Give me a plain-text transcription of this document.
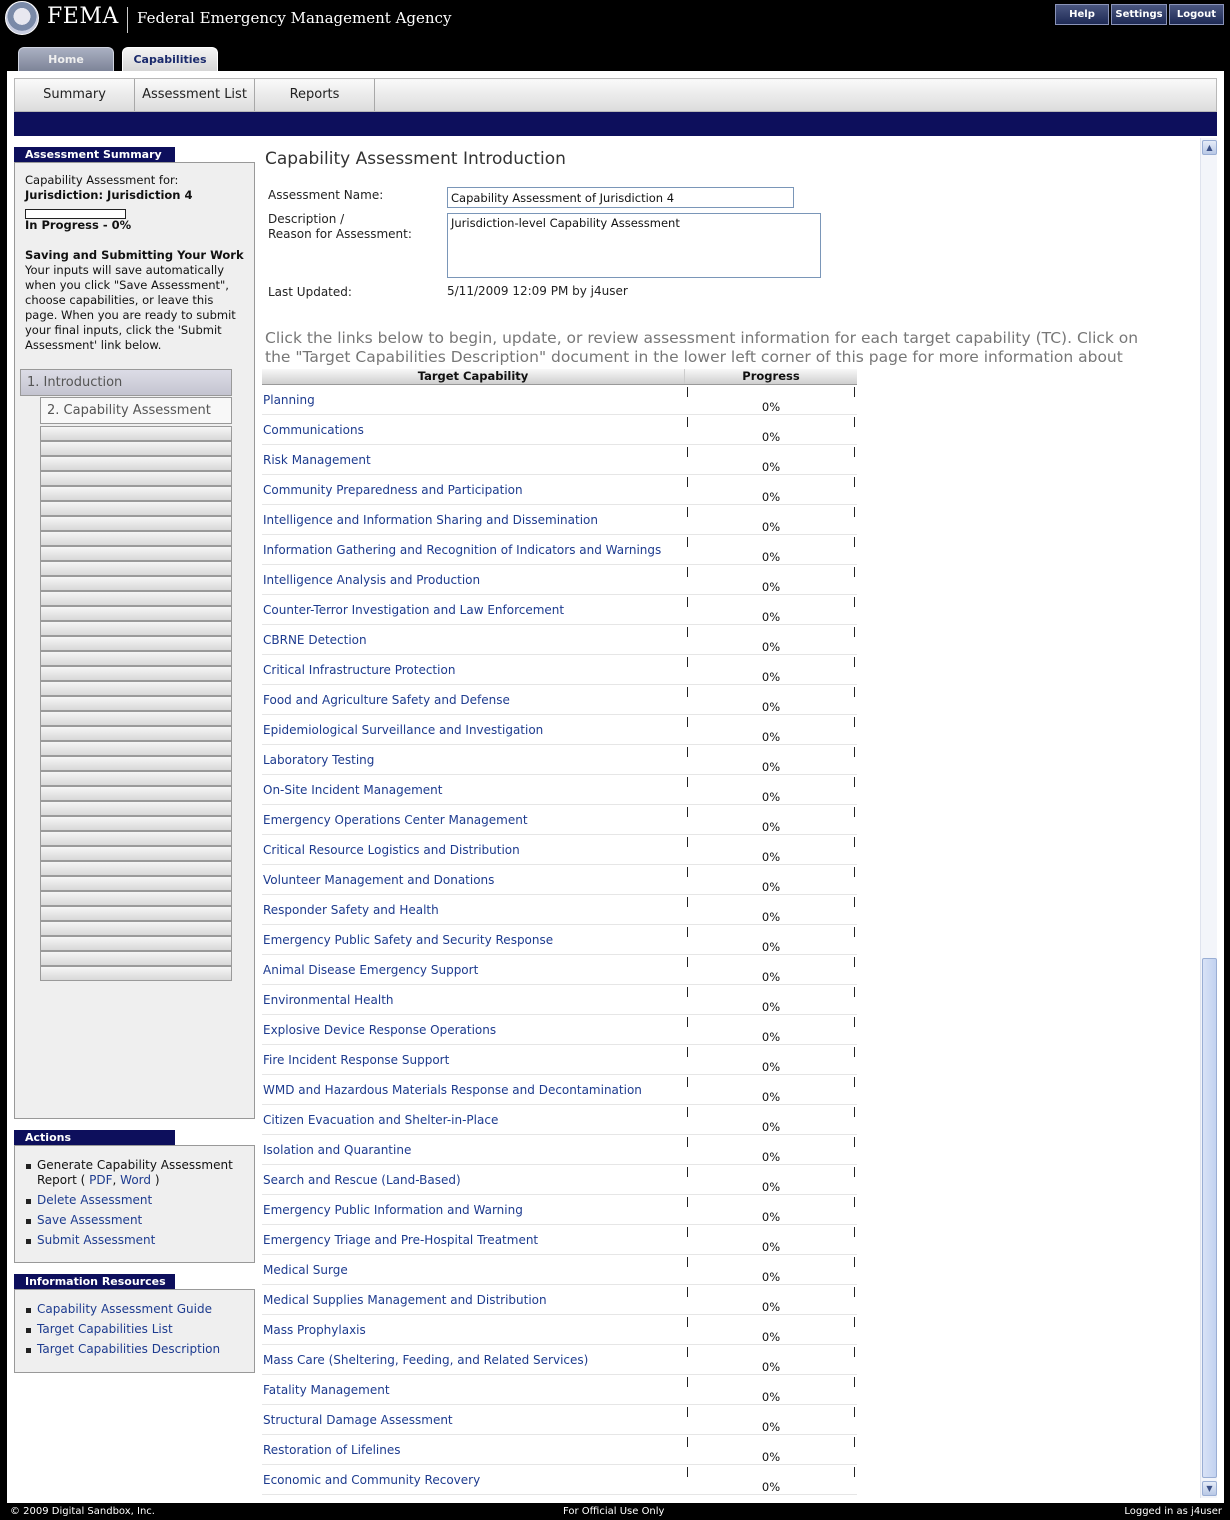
FEMA Federal Emergency Management Agency	Help	Settings	Logout
Home	Capabilities
Summary	Assessment List	Reports
Assessment Summary
Capability Assessment for:
Jurisdiction: Jurisdiction 4
In Progress - 0%
Saving and Submitting Your Work
Your inputs will save automatically when you click "Save Assessment", choose capabilities, or leave this page. When you are ready to submit your final inputs, click the 'Submit Assessment' link below.
1. Introduction
2. Capability Assessment
Actions
Generate Capability Assessment Report ( PDF, Word )
Delete Assessment
Save Assessment
Submit Assessment
Information Resources
Capability Assessment Guide
Target Capabilities List
Target Capabilities Description
Capability Assessment Introduction
Assessment Name:
Capability Assessment of Jurisdiction 4
Description /
Reason for Assessment:
Jurisdiction-level Capability Assessment
Last Updated:	5/11/2009 12:09 PM by j4user
Click the links below to begin, update, or review assessment information for each target capability (TC). Click on the "Target Capabilities Description" document in the lower left corner of this page for more information about
Target Capability	Progress
Planning	0%
Communications	0%
Risk Management	0%
Community Preparedness and Participation	0%
Intelligence and Information Sharing and Dissemination	0%
Information Gathering and Recognition of Indicators and Warnings	0%
Intelligence Analysis and Production	0%
Counter-Terror Investigation and Law Enforcement	0%
CBRNE Detection	0%
Critical Infrastructure Protection	0%
Food and Agriculture Safety and Defense	0%
Epidemiological Surveillance and Investigation	0%
Laboratory Testing	0%
On-Site Incident Management	0%
Emergency Operations Center Management	0%
Critical Resource Logistics and Distribution	0%
Volunteer Management and Donations	0%
Responder Safety and Health	0%
Emergency Public Safety and Security Response	0%
Animal Disease Emergency Support	0%
Environmental Health	0%
Explosive Device Response Operations	0%
Fire Incident Response Support	0%
WMD and Hazardous Materials Response and Decontamination	0%
Citizen Evacuation and Shelter-in-Place	0%
Isolation and Quarantine	0%
Search and Rescue (Land-Based)	0%
Emergency Public Information and Warning	0%
Emergency Triage and Pre-Hospital Treatment	0%
Medical Surge	0%
Medical Supplies Management and Distribution	0%
Mass Prophylaxis	0%
Mass Care (Sheltering, Feeding, and Related Services)	0%
Fatality Management	0%
Structural Damage Assessment	0%
Restoration of Lifelines	0%
Economic and Community Recovery	0%
▲
▼
© 2009 Digital Sandbox, Inc.	For Official Use Only	Logged in as j4user
